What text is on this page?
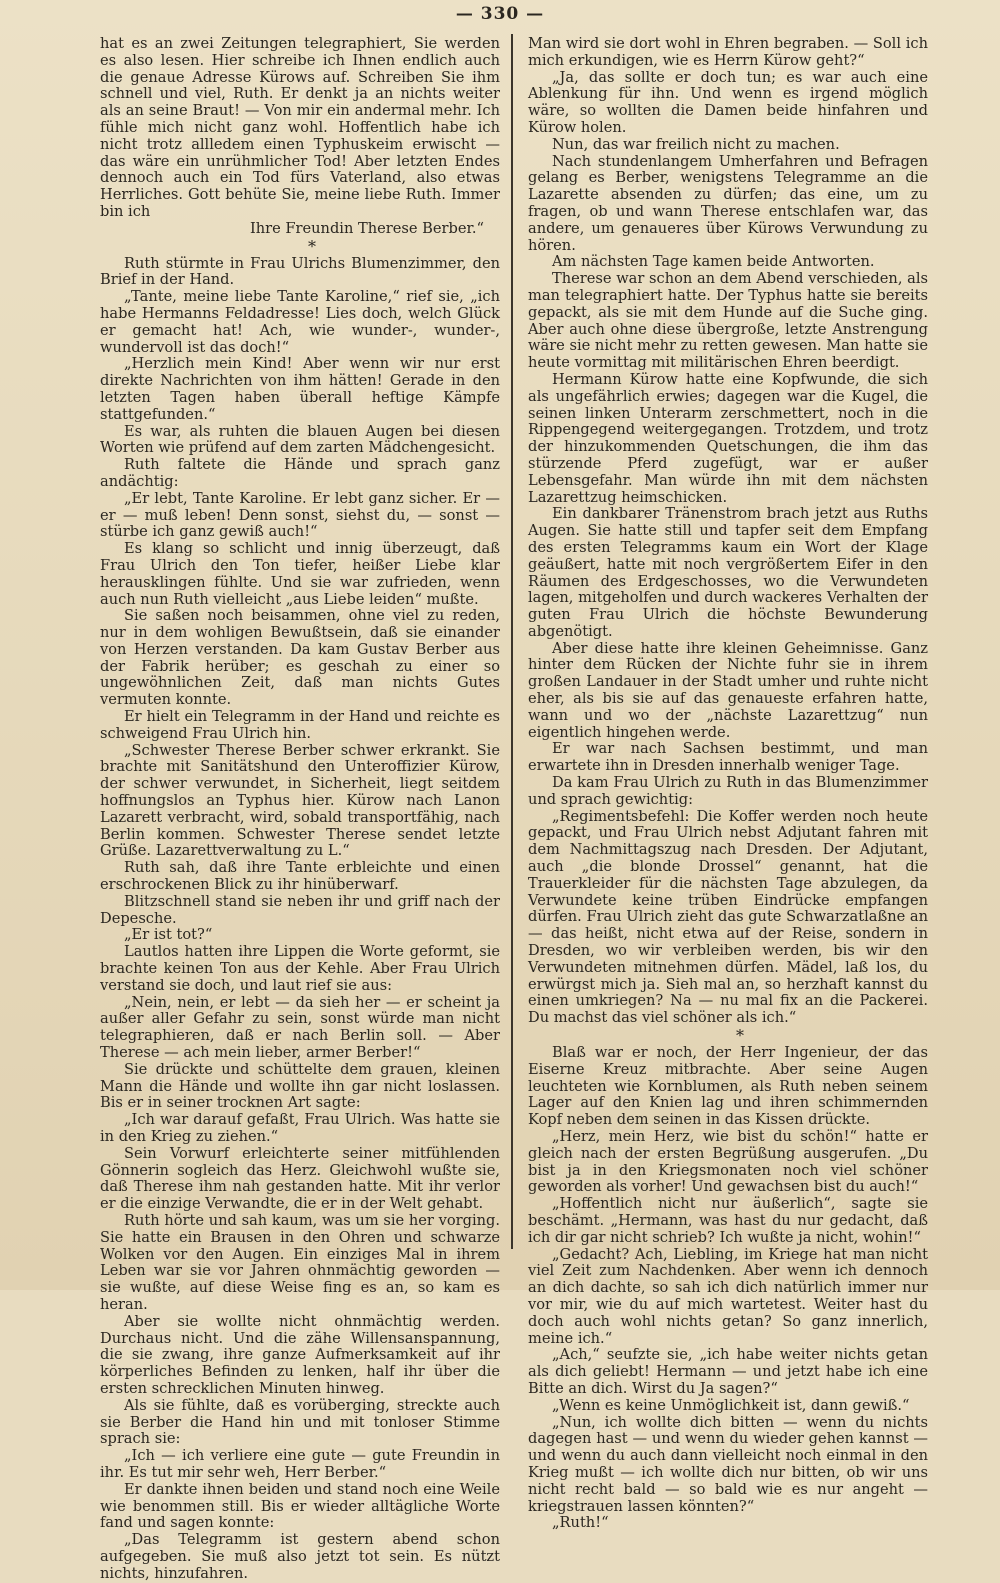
— 330 —

hat es an zwei Zeitungen telegraphiert, Sie werden es also lesen. Hier schreibe ich Ihnen endlich auch die genaue Adresse Kürows auf. Schreiben Sie ihm schnell und viel, Ruth. Er denkt ja an nichts weiter als an seine Braut! — Von mir ein andermal mehr. Ich fühle mich nicht ganz wohl. Hoffentlich habe ich nicht trotz allledem einen Typhuskeim erwischt — das wäre ein unrühmlicher Tod! Aber letzten Endes dennoch auch ein Tod fürs Vaterland, also etwas Herrliches. Gott behüte Sie, meine liebe Ruth. Immer bin ich

Ihre Freundin Therese Berber.“

*

Ruth stürmte in Frau Ulrichs Blumenzimmer, den Brief in der Hand.

„Tante, meine liebe Tante Karoline,“ rief sie, „ich habe Hermanns Feldadresse! Lies doch, welch Glück er gemacht hat! Ach, wie wunder-, wunder-, wundervoll ist das doch!“

„Herzlich mein Kind! Aber wenn wir nur erst direkte Nachrichten von ihm hätten! Gerade in den letzten Tagen haben überall heftige Kämpfe stattgefunden.“

Es war, als ruhten die blauen Augen bei diesen Worten wie prüfend auf dem zarten Mädchengesicht.

Ruth faltete die Hände und sprach ganz andächtig:

„Er lebt, Tante Karoline. Er lebt ganz sicher. Er — er — muß leben! Denn sonst, siehst du, — sonst — stürbe ich ganz gewiß auch!“

Es klang so schlicht und innig überzeugt, daß Frau Ulrich den Ton tiefer, heißer Liebe klar herausklingen fühlte. Und sie war zufrieden, wenn auch nun Ruth vielleicht „aus Liebe leiden“ mußte.

Sie saßen noch beisammen, ohne viel zu reden, nur in dem wohligen Bewußtsein, daß sie einander von Herzen verstanden. Da kam Gustav Berber aus der Fabrik herüber; es geschah zu einer so ungewöhnlichen Zeit, daß man nichts Gutes vermuten konnte.

Er hielt ein Telegramm in der Hand und reichte es schweigend Frau Ulrich hin.

„Schwester Therese Berber schwer erkrankt. Sie brachte mit Sanitätshund den Unteroffizier Kürow, der schwer verwundet, in Sicherheit, liegt seitdem hoffnungslos an Typhus hier. Kürow nach Lanon Lazarett verbracht, wird, sobald transportfähig, nach Berlin kommen. Schwester Therese sendet letzte Grüße. Lazarettverwaltung zu L.“

Ruth sah, daß ihre Tante erbleichte und einen erschrockenen Blick zu ihr hinüberwarf.

Blitzschnell stand sie neben ihr und griff nach der Depesche.

„Er ist tot?“

Lautlos hatten ihre Lippen die Worte geformt, sie brachte keinen Ton aus der Kehle. Aber Frau Ulrich verstand sie doch, und laut rief sie aus:

„Nein, nein, er lebt — da sieh her — er scheint ja außer aller Gefahr zu sein, sonst würde man nicht telegraphieren, daß er nach Berlin soll. — Aber Therese — ach mein lieber, armer Berber!“

Sie drückte und schüttelte dem grauen, kleinen Mann die Hände und wollte ihn gar nicht loslassen. Bis er in seiner trocknen Art sagte:

„Ich war darauf gefaßt, Frau Ulrich. Was hatte sie in den Krieg zu ziehen.“

Sein Vorwurf erleichterte seiner mitfühlenden Gönnerin sogleich das Herz. Gleichwohl wußte sie, daß Therese ihm nah gestanden hatte. Mit ihr verlor er die einzige Verwandte, die er in der Welt gehabt.

Ruth hörte und sah kaum, was um sie her vorging. Sie hatte ein Brausen in den Ohren und schwarze Wolken vor den Augen. Ein einziges Mal in ihrem Leben war sie vor Jahren ohnmächtig geworden — sie wußte, auf diese Weise fing es an, so kam es heran.

Aber sie wollte nicht ohnmächtig werden. Durchaus nicht. Und die zähe Willensanspannung, die sie zwang, ihre ganze Aufmerksamkeit auf ihr körperliches Befinden zu lenken, half ihr über die ersten schrecklichen Minuten hinweg.

Als sie fühlte, daß es vorüberging, streckte auch sie Berber die Hand hin und mit tonloser Stimme sprach sie:

„Ich — ich verliere eine gute — gute Freundin in ihr. Es tut mir sehr weh, Herr Berber.“

Er dankte ihnen beiden und stand noch eine Weile wie benommen still. Bis er wieder alltägliche Worte fand und sagen konnte:

„Das Telegramm ist gestern abend schon aufgegeben. Sie muß also jetzt tot sein. Es nützt nichts, hinzufahren.

Man wird sie dort wohl in Ehren begraben. — Soll ich mich erkundigen, wie es Herrn Kürow geht?“

„Ja, das sollte er doch tun; es war auch eine Ablenkung für ihn. Und wenn es irgend möglich wäre, so wollten die Damen beide hinfahren und Kürow holen.

Nun, das war freilich nicht zu machen.

Nach stundenlangem Umherfahren und Befragen gelang es Berber, wenigstens Telegramme an die Lazarette absenden zu dürfen; das eine, um zu fragen, ob und wann Therese entschlafen war, das andere, um genaueres über Kürows Verwundung zu hören.

Am nächsten Tage kamen beide Antworten.

Therese war schon an dem Abend verschieden, als man telegraphiert hatte. Der Typhus hatte sie bereits gepackt, als sie mit dem Hunde auf die Suche ging. Aber auch ohne diese übergroße, letzte Anstrengung wäre sie nicht mehr zu retten gewesen. Man hatte sie heute vormittag mit militärischen Ehren beerdigt.

Hermann Kürow hatte eine Kopfwunde, die sich als ungefährlich erwies; dagegen war die Kugel, die seinen linken Unterarm zerschmettert, noch in die Rippengegend weitergegangen. Trotzdem, und trotz der hinzukommenden Quetschungen, die ihm das stürzende Pferd zugefügt, war er außer Lebensgefahr. Man würde ihn mit dem nächsten Lazarettzug heimschicken.

Ein dankbarer Tränenstrom brach jetzt aus Ruths Augen. Sie hatte still und tapfer seit dem Empfang des ersten Telegramms kaum ein Wort der Klage geäußert, hatte mit noch vergrößertem Eifer in den Räumen des Erdgeschosses, wo die Verwundeten lagen, mitgeholfen und durch wackeres Verhalten der guten Frau Ulrich die höchste Bewunderung abgenötigt.

Aber diese hatte ihre kleinen Geheimnisse. Ganz hinter dem Rücken der Nichte fuhr sie in ihrem großen Landauer in der Stadt umher und ruhte nicht eher, als bis sie auf das genaueste erfahren hatte, wann und wo der „nächste Lazarettzug“ nun eigentlich hingehen werde.

Er war nach Sachsen bestimmt, und man erwartete ihn in Dresden innerhalb weniger Tage.

Da kam Frau Ulrich zu Ruth in das Blumenzimmer und sprach gewichtig:

„Regimentsbefehl: Die Koffer werden noch heute gepackt, und Frau Ulrich nebst Adjutant fahren mit dem Nachmittagszug nach Dresden. Der Adjutant, auch „die blonde Drossel“ genannt, hat die Trauerkleider für die nächsten Tage abzulegen, da Verwundete keine trüben Eindrücke empfangen dürfen. Frau Ulrich zieht das gute Schwarzatlaßne an — das heißt, nicht etwa auf der Reise, sondern in Dresden, wo wir verbleiben werden, bis wir den Verwundeten mitnehmen dürfen. Mädel, laß los, du erwürgst mich ja. Sieh mal an, so herzhaft kannst du einen umkriegen? Na — nu mal fix an die Packerei. Du machst das viel schöner als ich.“

*

Blaß war er noch, der Herr Ingenieur, der das Eiserne Kreuz mitbrachte. Aber seine Augen leuchteten wie Kornblumen, als Ruth neben seinem Lager auf den Knien lag und ihren schimmernden Kopf neben dem seinen in das Kissen drückte.

„Herz, mein Herz, wie bist du schön!“ hatte er gleich nach der ersten Begrüßung ausgerufen. „Du bist ja in den Kriegsmonaten noch viel schöner geworden als vorher! Und gewachsen bist du auch!“

„Hoffentlich nicht nur äußerlich“, sagte sie beschämt. „Hermann, was hast du nur gedacht, daß ich dir gar nicht schrieb? Ich wußte ja nicht, wohin!“

„Gedacht? Ach, Liebling, im Kriege hat man nicht viel Zeit zum Nachdenken. Aber wenn ich dennoch an dich dachte, so sah ich dich natürlich immer nur vor mir, wie du auf mich wartetest. Weiter hast du doch auch wohl nichts getan? So ganz innerlich, meine ich.“

„Ach,“ seufzte sie, „ich habe weiter nichts getan als dich geliebt! Hermann — und jetzt habe ich eine Bitte an dich. Wirst du Ja sagen?“

„Wenn es keine Unmöglichkeit ist, dann gewiß.“

„Nun, ich wollte dich bitten — wenn du nichts dagegen hast — und wenn du wieder gehen kannst — und wenn du auch dann vielleicht noch einmal in den Krieg mußt — ich wollte dich nur bitten, ob wir uns nicht recht bald — so bald wie es nur angeht — kriegstrauen lassen könnten?“

„Ruth!“
